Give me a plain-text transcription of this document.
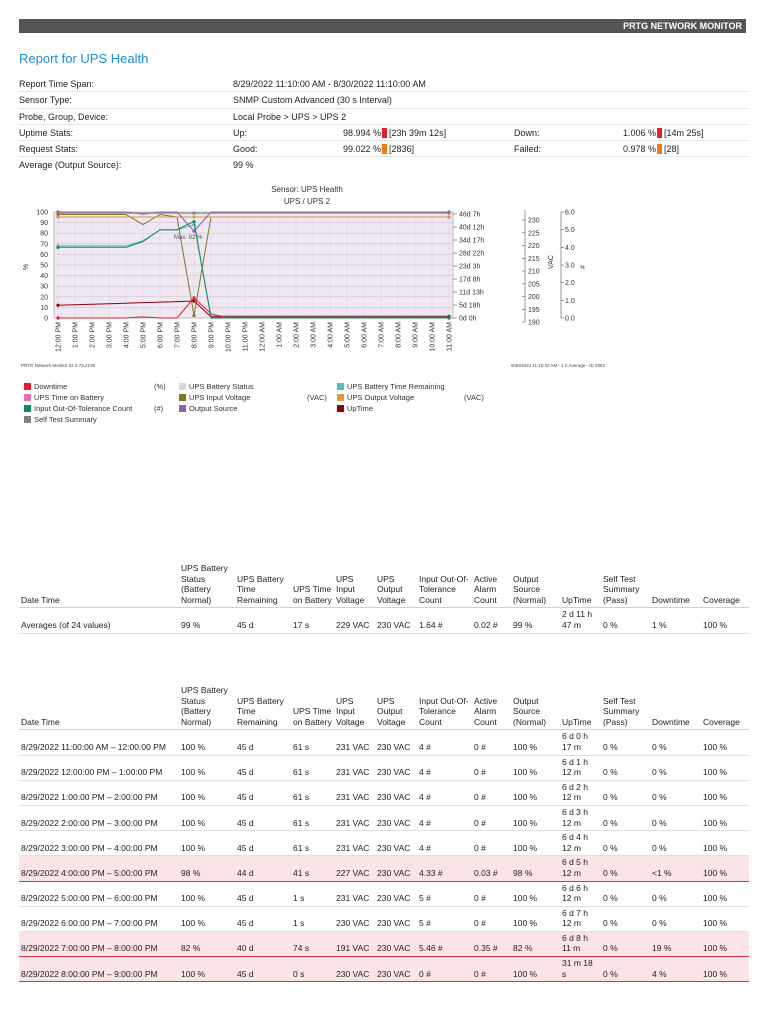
PRTG NETWORK MONITOR
Report for UPS Health
Report Time Span:	8/29/2022 11:10:00 AM - 8/30/2022 11:10:00 AM
Sensor Type:	SNMP Custom Advanced (30 s Interval)
Probe, Group, Device:	Local Probe > UPS > UPS 2
Uptime Stats:	Up:	98.994 % [23h 39m 12s]	Down:	1.006 % [14m 25s]
Request Stats:	Good:	99.022 % [2836]	Failed:	0.978 % [28]
Average (Output Source):	99 %
Sensor: UPS Health
UPS / UPS 2
100
90
80
70
60
50
40
30
20
10
0
12:00 PM 1:00 PM 2:00 PM 3:00 PM 4:00 PM 5:00 PM 6:00 PM 7:00 PM 8:00 PM 9:00 PM 10:00 PM 11:00 PM 12:00 AM 1:00 AM 2:00 AM 3:00 AM 4:00 AM 5:00 AM 6:00 AM 7:00 AM 8:00 AM 9:00 AM 10:00 AM 11:00 AM
46d 7h
40d 12h
34d 17h
28d 22h
23d 3h
17d 8h
11d 13h
5d 18h
0d 0h
230
225
220
215
210
205
200
195
190
6.0
5.0
4.0
3.0
2.0
1.0
0.0
Max: 82 %
%	VAC	#
PRTG Network Monitor 22.3.79.2108	8/30/2022 11:10:32 AM - 1 h Average - ID 3363
Downtime	(%)	UPS Battery Status	UPS Battery Time Remaining
UPS Time on Battery	UPS Input Voltage	(VAC)	UPS Output Voltage	(VAC)
Input Out-Of-Tolerance Count	(#)	Output Source	UpTime
Self Test Summary
Date Time	UPS Battery Status (Battery Normal)	UPS Battery Time Remaining	UPS Time on Battery	UPS Input Voltage	UPS Output Voltage	Input Out-Of-Tolerance Count	Active Alarm Count	Output Source (Normal)	UpTime	Self Test Summary (Pass)	Downtime	Coverage
Averages (of 24 values)	99 %	45 d	17 s	229 VAC	230 VAC	1.64 #	0.02 #	99 %	2 d 11 h 47 m	0 %	1 %	100 %
Date Time	UPS Battery Status (Battery Normal)	UPS Battery Time Remaining	UPS Time on Battery	UPS Input Voltage	UPS Output Voltage	Input Out-Of-Tolerance Count	Active Alarm Count	Output Source (Normal)	UpTime	Self Test Summary (Pass)	Downtime	Coverage
8/29/2022 11:00:00 AM – 12:00:00 PM	100 %	45 d	61 s	231 VAC	230 VAC	4 #	0 #	100 %	6 d 0 h 17 m	0 %	0 %	100 %
8/29/2022 12:00:00 PM – 1:00:00 PM	100 %	45 d	61 s	231 VAC	230 VAC	4 #	0 #	100 %	6 d 1 h 12 m	0 %	0 %	100 %
8/29/2022 1:00:00 PM – 2:00:00 PM	100 %	45 d	61 s	231 VAC	230 VAC	4 #	0 #	100 %	6 d 2 h 12 m	0 %	0 %	100 %
8/29/2022 2:00:00 PM – 3:00:00 PM	100 %	45 d	61 s	231 VAC	230 VAC	4 #	0 #	100 %	6 d 3 h 12 m	0 %	0 %	100 %
8/29/2022 3:00:00 PM – 4:00:00 PM	100 %	45 d	61 s	231 VAC	230 VAC	4 #	0 #	100 %	6 d 4 h 12 m	0 %	0 %	100 %
8/29/2022 4:00:00 PM – 5:00:00 PM	98 %	44 d	41 s	227 VAC	230 VAC	4.33 #	0.03 #	98 %	6 d 5 h 12 m	0 %	<1 %	100 %
8/29/2022 5:00:00 PM – 6:00:00 PM	100 %	45 d	1 s	231 VAC	230 VAC	5 #	0 #	100 %	6 d 6 h 12 m	0 %	0 %	100 %
8/29/2022 6:00:00 PM – 7:00:00 PM	100 %	45 d	1 s	230 VAC	230 VAC	5 #	0 #	100 %	6 d 7 h 12 m	0 %	0 %	100 %
8/29/2022 7:00:00 PM – 8:00:00 PM	82 %	40 d	74 s	191 VAC	230 VAC	5.46 #	0.35 #	82 %	6 d 8 h 11 m	0 %	19 %	100 %
8/29/2022 8:00:00 PM – 9:00:00 PM	100 %	45 d	0 s	230 VAC	230 VAC	0 #	0 #	100 %	31 m 18 s	0 %	4 %	100 %
